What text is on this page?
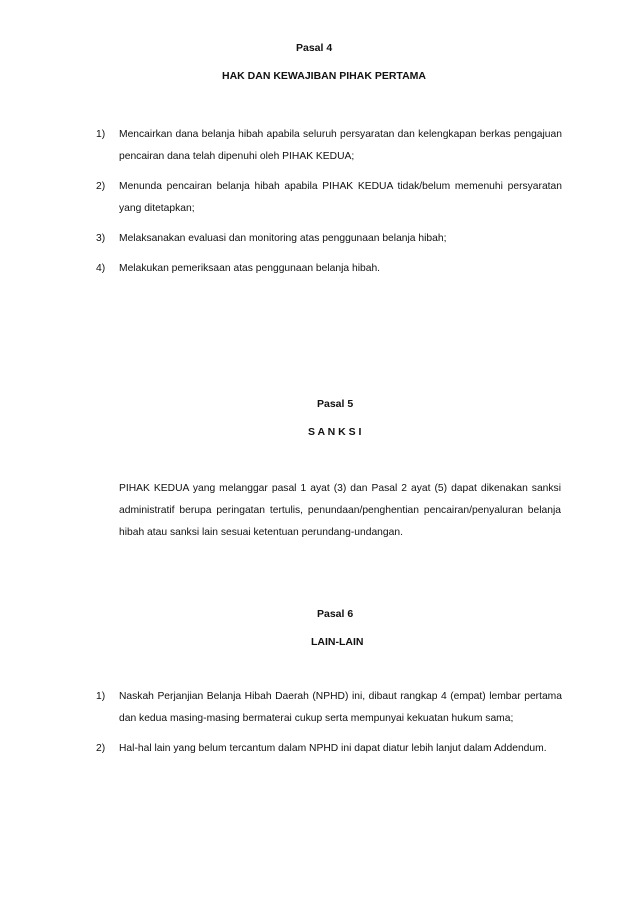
Pasal 4
HAK DAN KEWAJIBAN PIHAK PERTAMA
1) Mencairkan dana belanja hibah apabila seluruh persyaratan dan kelengkapan berkas pengajuan pencairan dana telah dipenuhi oleh PIHAK KEDUA;
2) Menunda pencairan belanja hibah apabila PIHAK KEDUA tidak/belum memenuhi persyaratan yang ditetapkan;
3) Melaksanakan evaluasi dan monitoring atas penggunaan belanja hibah;
4) Melakukan pemeriksaan atas penggunaan belanja hibah.
Pasal 5
S A N K S I

PIHAK KEDUA yang melanggar pasal 1 ayat (3) dan Pasal 2 ayat (5) dapat dikenakan sanksi administratif berupa peringatan tertulis, penundaan/penghentian pencairan/penyaluran belanja hibah atau sanksi lain sesuai ketentuan perundang-undangan.

Pasal 6
LAIN-LAIN
1) Naskah Perjanjian Belanja Hibah Daerah (NPHD) ini, dibaut rangkap 4 (empat) lembar pertama dan kedua masing-masing bermaterai cukup serta mempunyai kekuatan hukum sama;
2) Hal-hal lain yang belum tercantum dalam NPHD ini dapat diatur lebih lanjut dalam Addendum.
